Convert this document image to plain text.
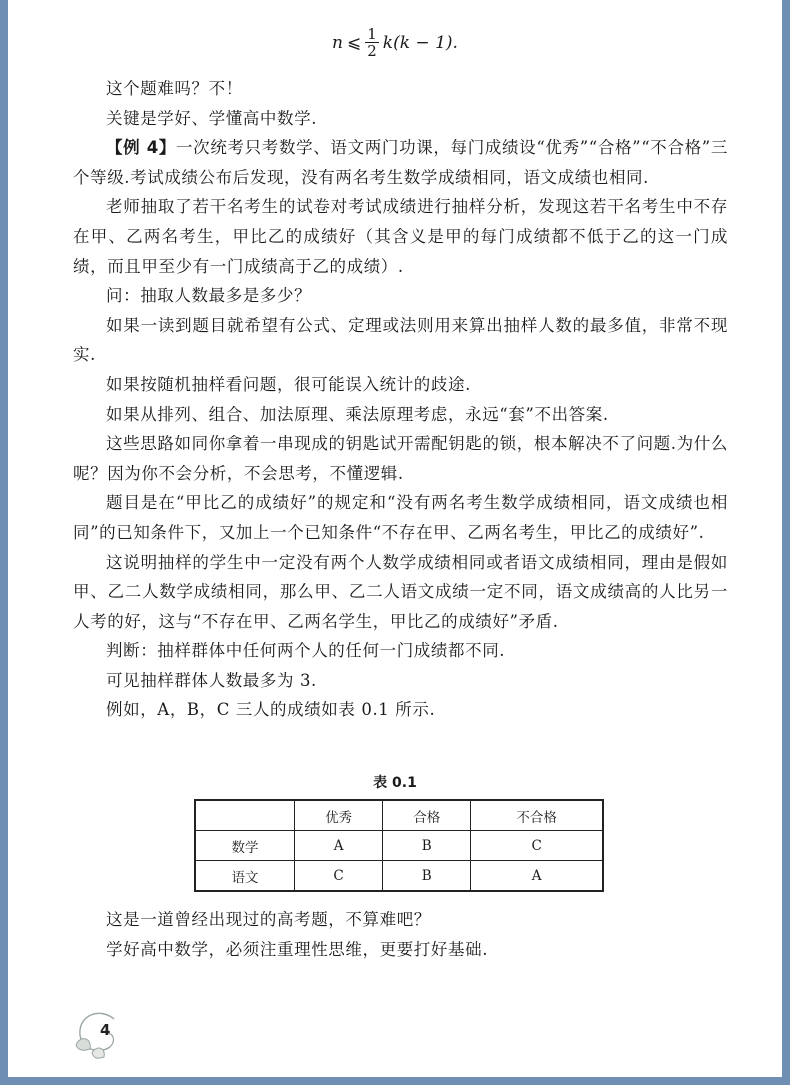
n ⩽ $\frac{1}{2} k(k - 1)$.

这个题难吗？不！

关键是学好、学懂高中数学.

【例 4】一次统考只考数学、语文两门功课，每门成绩设“优秀”“合格”“不合格”三个等级.考试成绩公布后发现，没有两名考生数学成绩相同，语文成绩也相同.

老师抽取了若干名考生的试卷对考试成绩进行抽样分析，发现这若干名考生中不存在甲、乙两名考生，甲比乙的成绩好（其含义是甲的每门成绩都不低于乙的这一门成绩，而且甲至少有一门成绩高于乙的成绩）.

问：抽取人数最多是多少？

如果一读到题目就希望有公式、定理或法则用来算出抽样人数的最多值，非常不现实.

如果按随机抽样看问题，很可能误入统计的歧途.

如果从排列、组合、加法原理、乘法原理考虑，永远“套”不出答案.

这些思路如同你拿着一串现成的钥匙试开需配钥匙的锁，根本解决不了问题.为什么呢？因为你不会分析，不会思考，不懂逻辑.

题目是在“甲比乙的成绩好”的规定和“没有两名考生数学成绩相同，语文成绩也相同”的已知条件下，又加上一个已知条件“不存在甲、乙两名考生，甲比乙的成绩好”.

这说明抽样的学生中一定没有两个人数学成绩相同或者语文成绩相同，理由是假如甲、乙二人数学成绩相同，那么甲、乙二人语文成绩一定不同，语文成绩高的人比另一人考的好，这与“不存在甲、乙两名学生，甲比乙的成绩好”矛盾.

判断：抽样群体中任何两个人的任何一门成绩都不同.

可见抽样群体人数最多为 3.

例如，A，B，C 三人的成绩如表 0.1 所示.

表 0.1
	优秀	合格	不合格
数学	A	B	C
语文	C	B	A

这是一道曾经出现过的高考题，不算难吧？

学好高中数学，必须注重理性思维，更要打好基础.

4
